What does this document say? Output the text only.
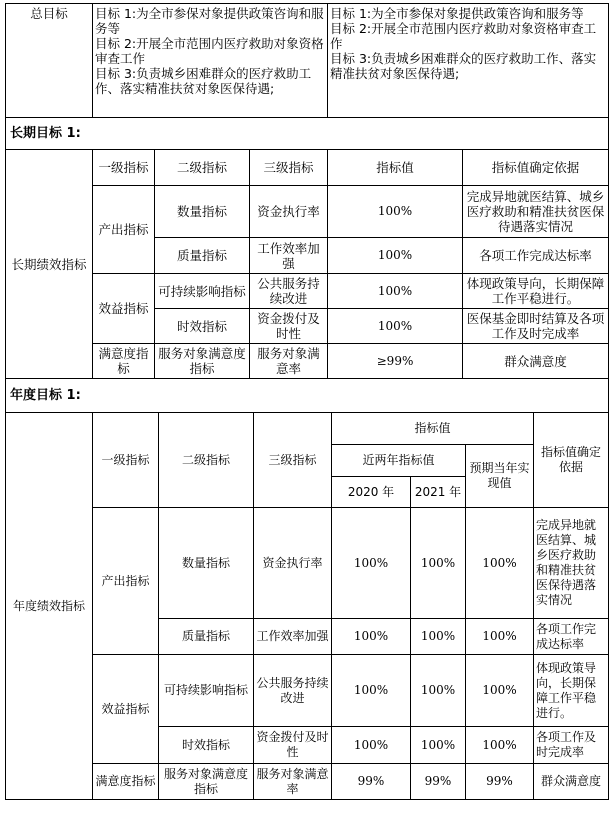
总目标	目标 1:为全市参保对象提供政策咨询和服务等
目标 2:开展全市范围内医疗救助对象资格审查工作
目标 3:负责城乡困难群众的医疗救助工作、落实精准扶贫对象医保待遇;			目标 1:为全市参保对象提供政策咨询和服务等
目标 2:开展全市范围内医疗救助对象资格审查工作
目标 3:负责城乡困难群众的医疗救助工作、落实精准扶贫对象医保待遇;	
长期目标 1:					
长期绩效指标	一级指标	二级指标	三级指标	指标值	指标值确定依据
	产出指标	数量指标	资金执行率	100%	完成异地就医结算、城乡医疗救助和精准扶贫医保待遇落实情况
		质量指标	工作效率加强	100%	各项工作完成达标率
	效益指标	可持续影响指标	公共服务持续改进	100%	体现政策导向，长期保障工作平稳进行。
		时效指标	资金拨付及时性	100%	医保基金即时结算及各项工作及时完成率
	满意度指标	服务对象满意度指标	服务对象满意率	≥99%	群众满意度
年度目标 1:					
年度绩效指标	一级指标	二级指标	三级指标	指标值			指标值确定依据
				近两年指标值		预期当年实现值	
				2020 年	2021 年		
	产出指标	数量指标	资金执行率	100%	100%	100%	完成异地就医结算、城乡医疗救助和精准扶贫医保待遇落实情况
		质量指标	工作效率加强	100%	100%	100%	各项工作完成达标率
	效益指标	可持续影响指标	公共服务持续改进	100%	100%	100%	体现政策导向，长期保障工作平稳进行。
		时效指标	资金拨付及时性	100%	100%	100%	各项工作及时完成率
	满意度指标	服务对象满意度指标	服务对象满意率	99%	99%	99%	群众满意度
